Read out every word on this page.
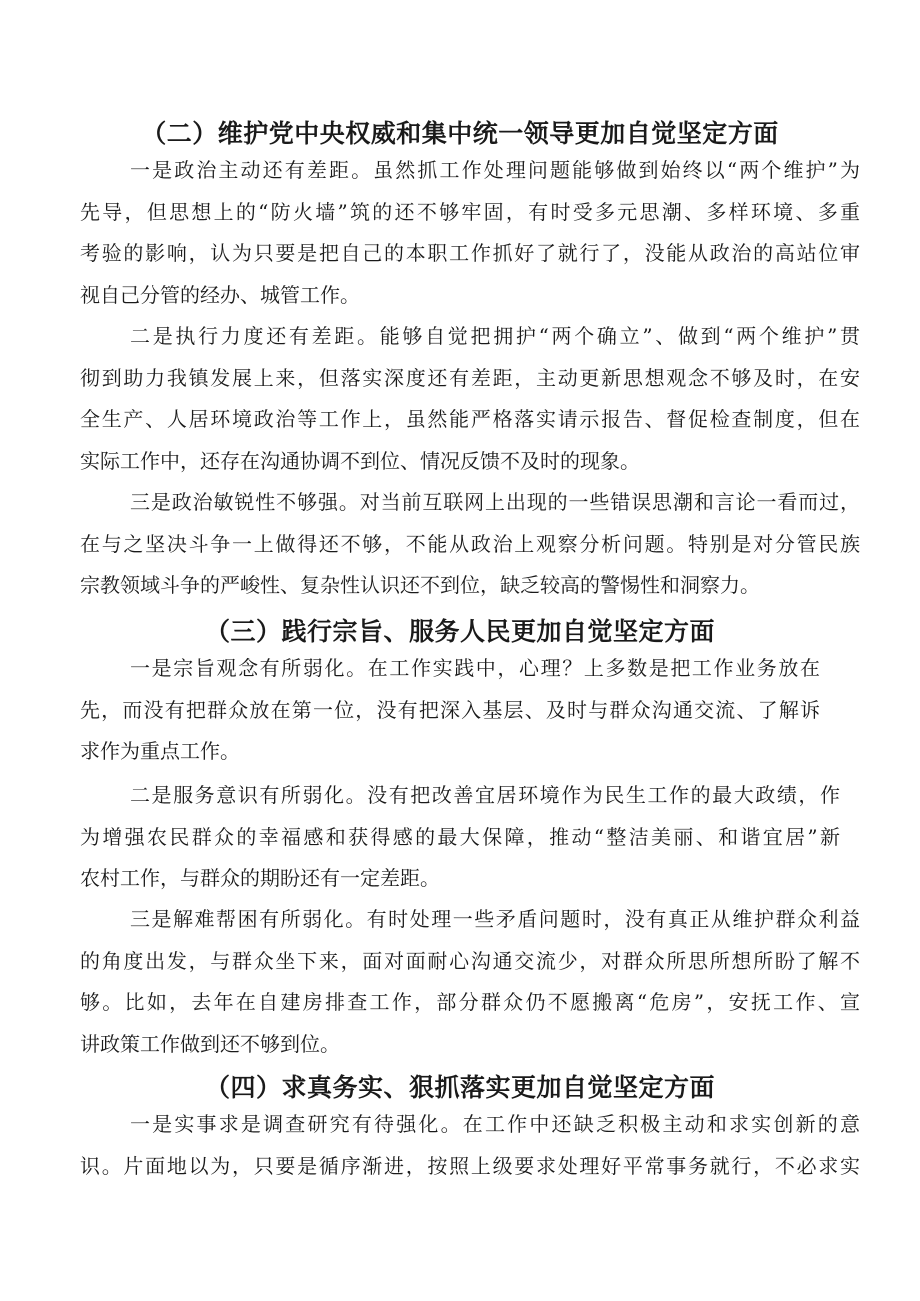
（二）维护党中央权威和集中统一领导更加自觉坚定方面
一是政治主动还有差距。虽然抓工作处理问题能够做到始终以“两个维护”为
先导，但思想上的“防火墙”筑的还不够牢固，有时受多元思潮、多样环境、多重
考验的影响，认为只要是把自己的本职工作抓好了就行了，没能从政治的高站位审
视自己分管的经办、城管工作。
二是执行力度还有差距。能够自觉把拥护“两个确立”、做到“两个维护”贯
彻到助力我镇发展上来，但落实深度还有差距，主动更新思想观念不够及时，在安
全生产、人居环境政治等工作上，虽然能严格落实请示报告、督促检查制度，但在
实际工作中，还存在沟通协调不到位、情况反馈不及时的现象。
三是政治敏锐性不够强。对当前互联网上出现的一些错误思潮和言论一看而过，
在与之坚决斗争一上做得还不够，不能从政治上观察分析问题。特别是对分管民族
宗教领域斗争的严峻性、复杂性认识还不到位，缺乏较高的警惕性和洞察力。
（三）践行宗旨、服务人民更加自觉坚定方面
一是宗旨观念有所弱化。在工作实践中，心理？上多数是把工作业务放在
先，而没有把群众放在第一位，没有把深入基层、及时与群众沟通交流、了解诉
求作为重点工作。
二是服务意识有所弱化。没有把改善宜居环境作为民生工作的最大政绩，作
为增强农民群众的幸福感和获得感的最大保障，推动“整洁美丽、和谐宜居”新
农村工作，与群众的期盼还有一定差距。
三是解难帮困有所弱化。有时处理一些矛盾问题时，没有真正从维护群众利益
的角度出发，与群众坐下来，面对面耐心沟通交流少，对群众所思所想所盼了解不
够。比如，去年在自建房排查工作，部分群众仍不愿搬离“危房”，安抚工作、宣
讲政策工作做到还不够到位。
（四）求真务实、狠抓落实更加自觉坚定方面
一是实事求是调查研究有待强化。在工作中还缺乏积极主动和求实创新的意
识。片面地以为，只要是循序渐进，按照上级要求处理好平常事务就行，不必求实
